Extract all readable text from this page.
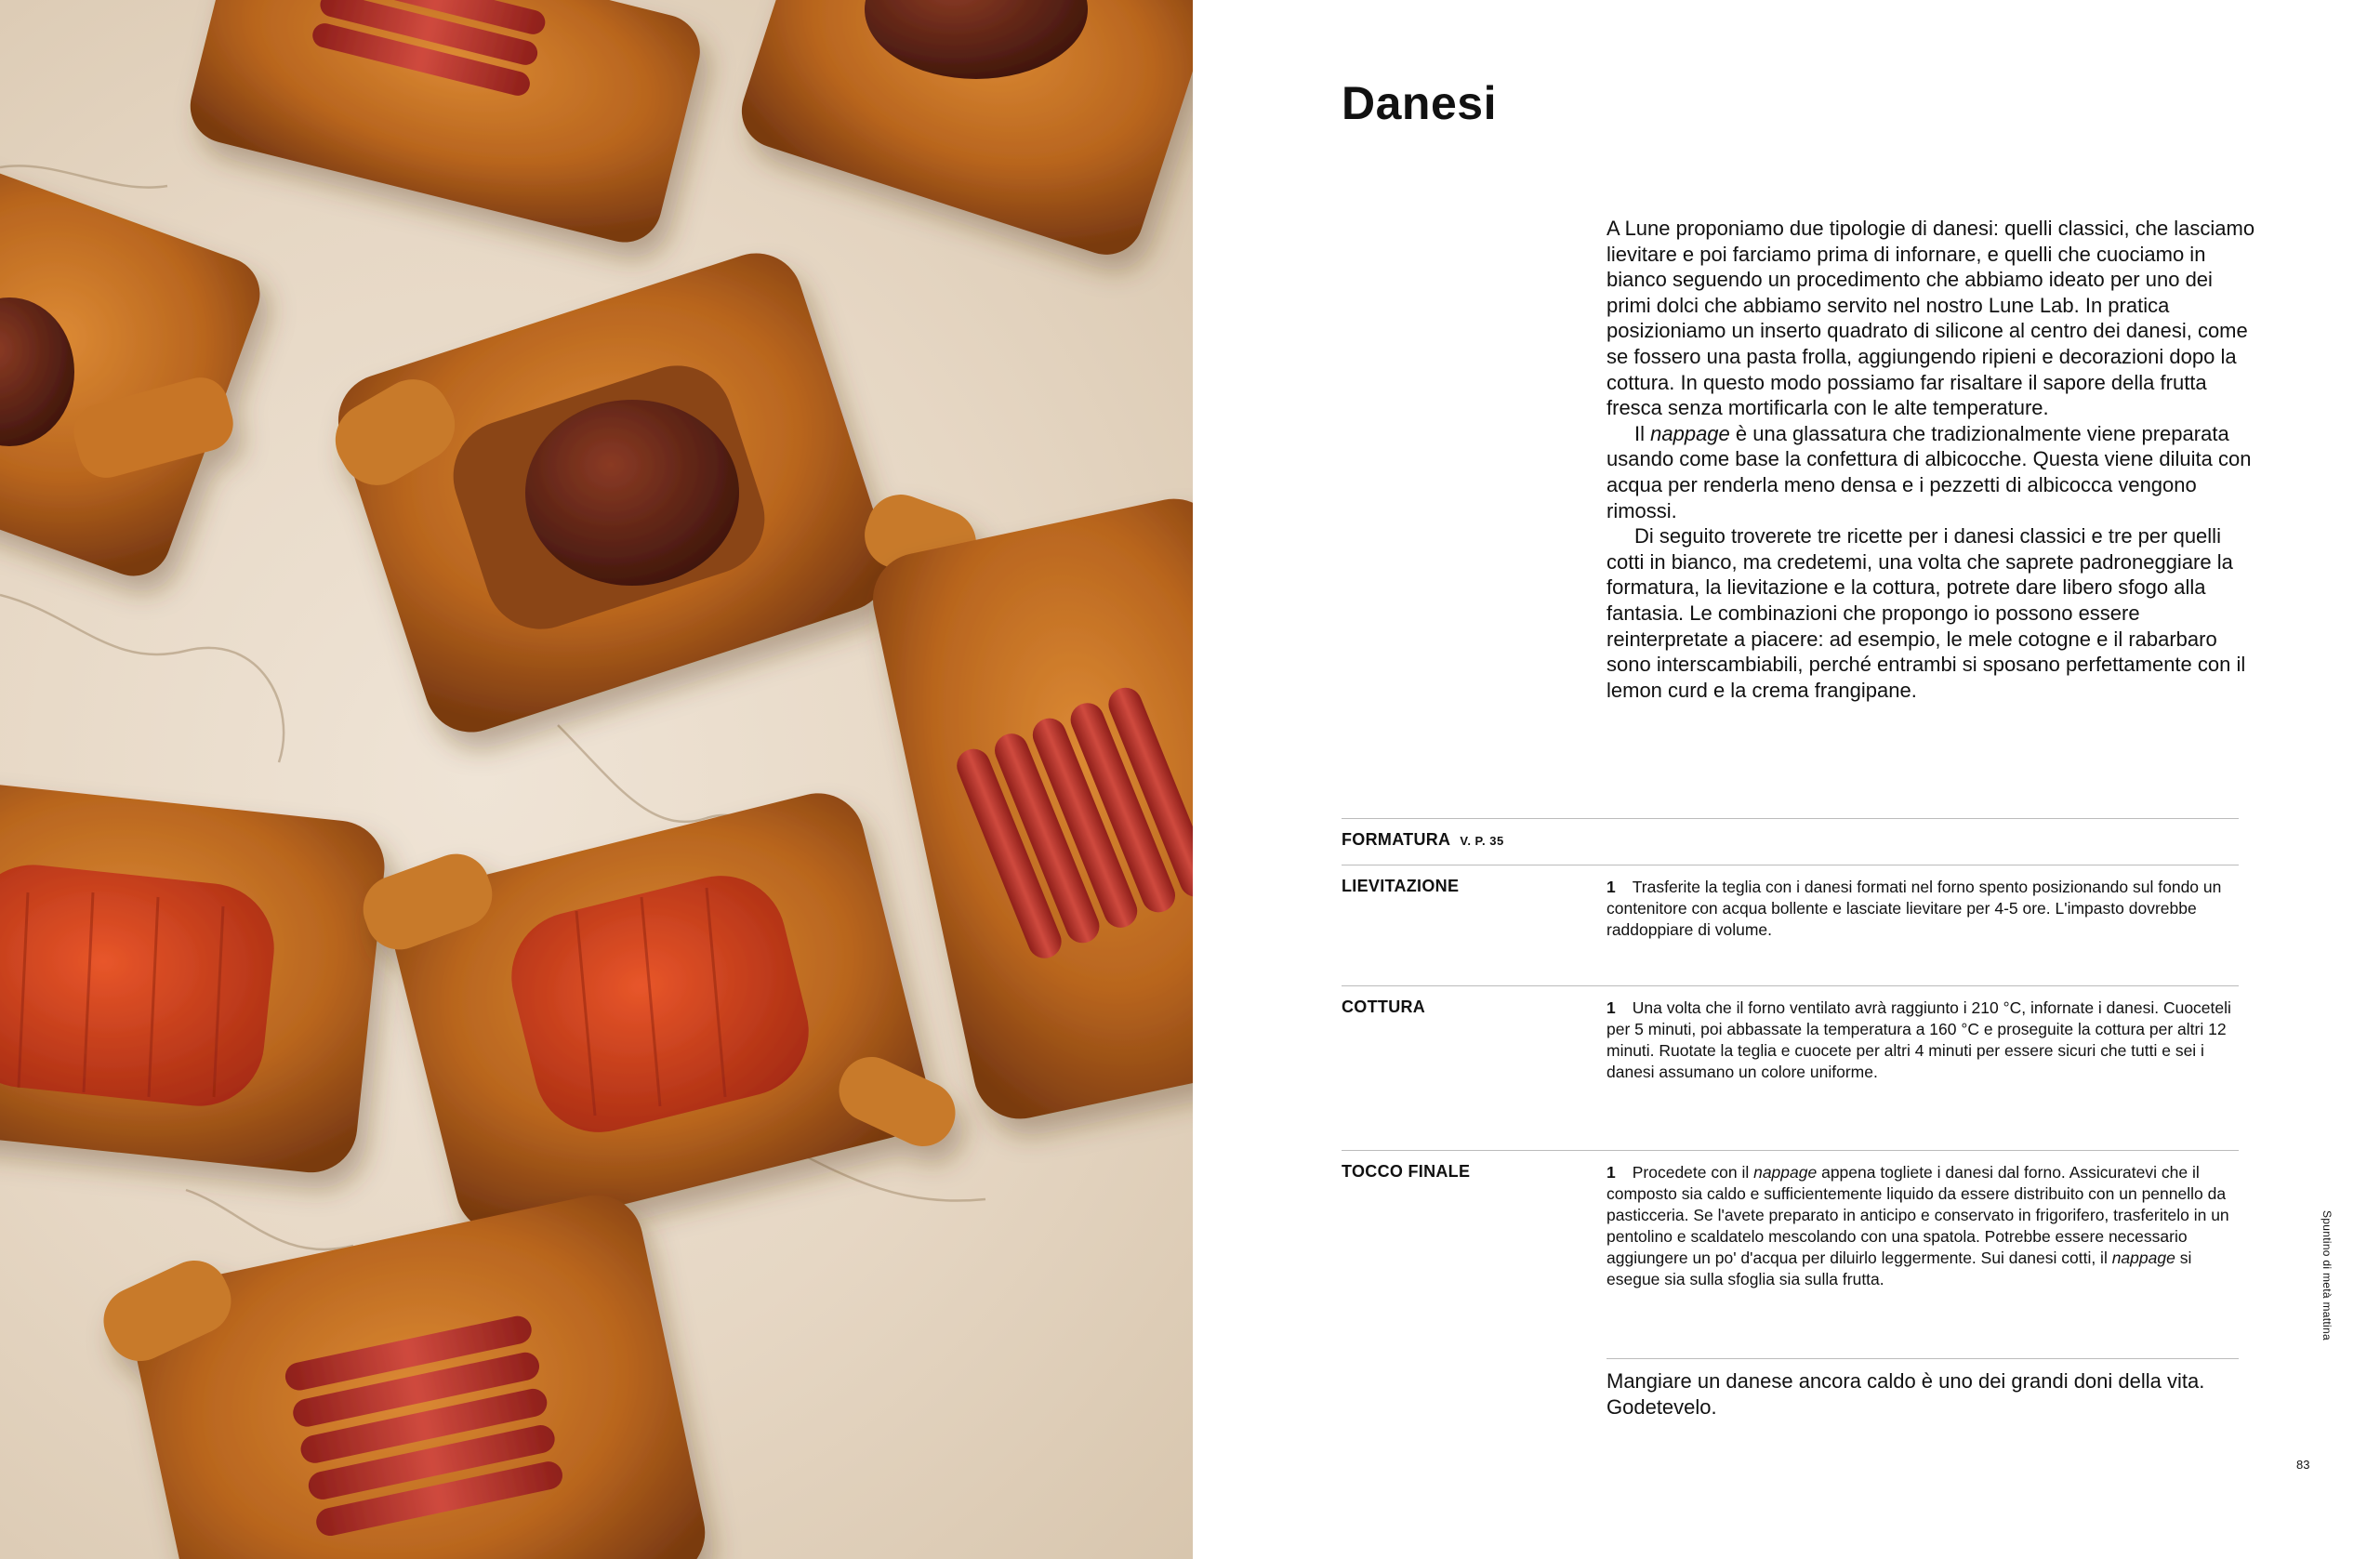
Danesi

A Lune proponiamo due tipologie di danesi: quelli classici, che lasciamo lievitare e poi farciamo prima di infornare, e quelli che cuociamo in bianco seguendo un procedimento che abbiamo ideato per uno dei primi dolci che abbiamo servito nel nostro Lune Lab. In pratica posizioniamo un inserto quadrato di silicone al centro dei danesi, come se fossero una pasta frolla, aggiungendo ripieni e decorazioni dopo la cottura. In questo modo possiamo far risaltare il sapore della frutta fresca senza mortificarla con le alte temperature.

Il nappage è una glassatura che tradizionalmente viene preparata usando come base la confettura di albicocche. Questa viene diluita con acqua per renderla meno densa e i pezzetti di albicocca vengono rimossi.

Di seguito troverete tre ricette per i danesi classici e tre per quelli cotti in bianco, ma credetemi, una volta che saprete padroneggiare la formatura, la lievitazione e la cottura, potrete dare libero sfogo alla fantasia. Le combinazioni che propongo io possono essere reinterpretate a piacere: ad esempio, le mele cotogne e il rabarbaro sono interscambiabili, perché entrambi si sposano perfettamente con il lemon curd e la crema frangipane.

FORMATURA V. P. 35
LIEVITAZIONE	1 Trasferite la teglia con i danesi formati nel forno spento posizionando sul fondo un contenitore con acqua bollente e lasciate lievitare per 4-5 ore. L'impasto dovrebbe raddoppiare di volume.

COTTURA	1 Una volta che il forno ventilato avrà raggiunto i 210 °C, infornate i danesi. Cuoceteli per 5 minuti, poi abbassate la temperatura a 160 °C e proseguite la cottura per altri 12 minuti. Ruotate la teglia e cuocete per altri 4 minuti per essere sicuri che tutti e sei i danesi assumano un colore uniforme.

TOCCO FINALE	1 Procedete con il nappage appena togliete i danesi dal forno. Assicuratevi che il composto sia caldo e sufficientemente liquido da essere distribuito con un pennello da pasticceria. Se l'avete preparato in anticipo e conservato in frigorifero, trasferitelo in un pentolino e scaldatelo mescolando con una spatola. Potrebbe essere necessario aggiungere un po' d'acqua per diluirlo leggermente. Sui danesi cotti, il nappage si esegue sia sulla sfoglia sia sulla frutta.

Mangiare un danese ancora caldo è uno dei grandi doni della vita. Godetevelo.
Spuntino di metà mattina
83
